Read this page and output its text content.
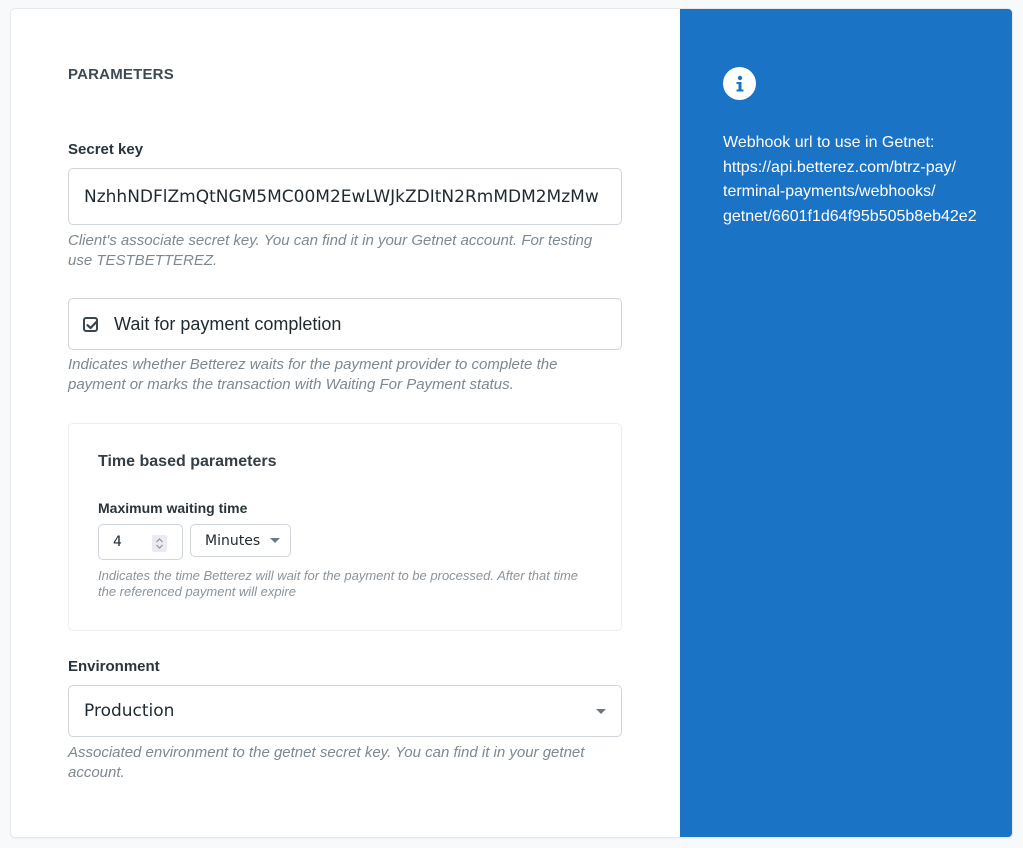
PARAMETERS
Secret key
NzhhNDFlZmQtNGM5MC00M2EwLWJkZDItN2RmMDM2MzMw
Client's associate secret key. You can find it in your Getnet account. For testing use TESTBETTEREZ.
Wait for payment completion
Indicates whether Betterez waits for the payment provider to complete the payment or marks the transaction with Waiting For Payment status.
Time based parameters
Maximum waiting time
4	Minutes
Indicates the time Betterez will wait for the payment to be processed. After that time the referenced payment will expire
Environment
Production
Associated environment to the getnet secret key. You can find it in your getnet account.
Webhook url to use in Getnet:
https://api.betterez.com/btrz-pay/
terminal-payments/webhooks/
getnet/6601f1d64f95b505b8eb42e2
